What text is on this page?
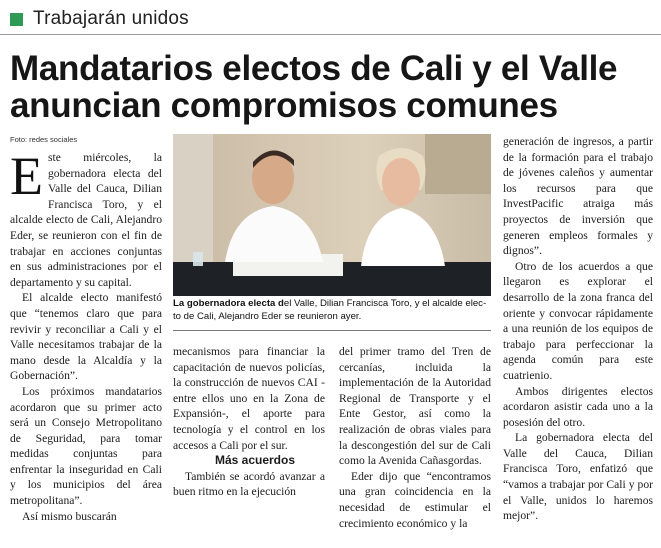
Trabajarán unidos
Mandatarios electos de Cali y el Valle
anuncian compromisos comunes
Foto: redes sociales
E ste miércoles, la gobernadora electa del Valle del Cauca, Dilian Francisca Toro, y el alcalde electo de Cali, Alejandro Eder, se reunieron con el fin de trabajar en acciones conjuntas en sus administraciones por el departamento y su capital.

El alcalde electo manifestó que “tenemos claro que para revivir y reconciliar a Cali y el Valle necesitamos trabajar de la mano desde la Alcaldía y la Gobernación”.

Los próximos mandatarios acordaron que su primer acto será un Consejo Metropolitano de Seguridad, para tomar medidas conjuntas para enfrentar la inseguridad en Cali y los municipios del área metropolitana”.

Así mismo buscarán

La gobernadora electa del Valle, Dilian Francisca Toro, y el alcalde elec- to de Cali, Alejandro Eder se reunieron ayer.

mecanismos para financiar la capacitación de nuevos policías, la construcción de nuevos CAI -entre ellos uno en la Zona de Expansión-, el aporte para tecnología y el control en los accesos a Cali por el sur.

Más acuerdos

También se acordó avanzar a buen ritmo en la ejecución

del primer tramo del Tren de cercanías, incluida la implementación de la Autoridad Regional de Transporte y el Ente Gestor, así como la realización de obras viales para la descongestión del sur de Cali como la Avenida Cañasgordas.

Eder dijo que “encontramos una gran coincidencia en la necesidad de estimular el crecimiento económico y la

generación de ingresos, a partir de la formación para el trabajo de jóvenes caleños y aumentar los recursos para que InvestPacific atraiga más proyectos de inversión que generen empleos formales y dignos”.

Otro de los acuerdos a que llegaron es explorar el desarrollo de la zona franca del oriente y convocar rápidamente a una reunión de los equipos de trabajo para perfeccionar la agenda común para este cuatrienio.

Ambos dirigentes electos acordaron asistir cada uno a la posesión del otro.

La gobernadora electa del Valle del Cauca, Dilian Francisca Toro, enfatizó que “vamos a trabajar por Cali y por el Valle, unidos lo haremos mejor”.
